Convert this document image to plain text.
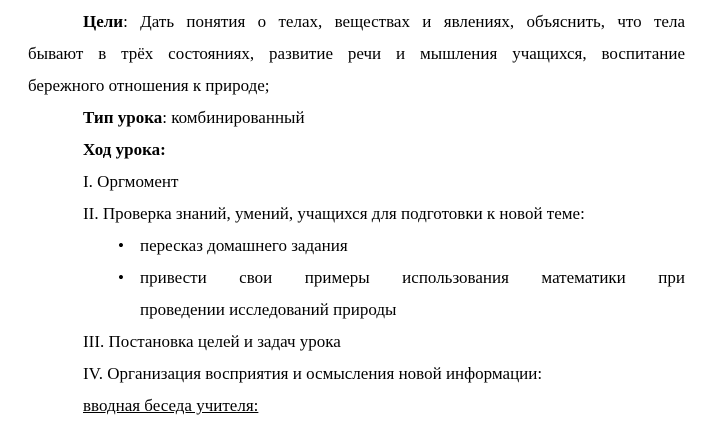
Цели: Дать понятия о телах, веществах и явлениях, объяснить, что тела
бывают в трёх состояниях, развитие речи и мышления учащихся, воспитание
бережного отношения к природе;
Тип урока: комбинированный
Ход урока:
I. Оргмомент
II. Проверка знаний, умений, учащихся для подготовки к новой теме:
• пересказ домашнего задания
• привести свои примеры использования математики при
проведении исследований природы
III. Постановка целей и задач урока
IV. Организация восприятия и осмысления новой информации:
вводная беседа учителя:
